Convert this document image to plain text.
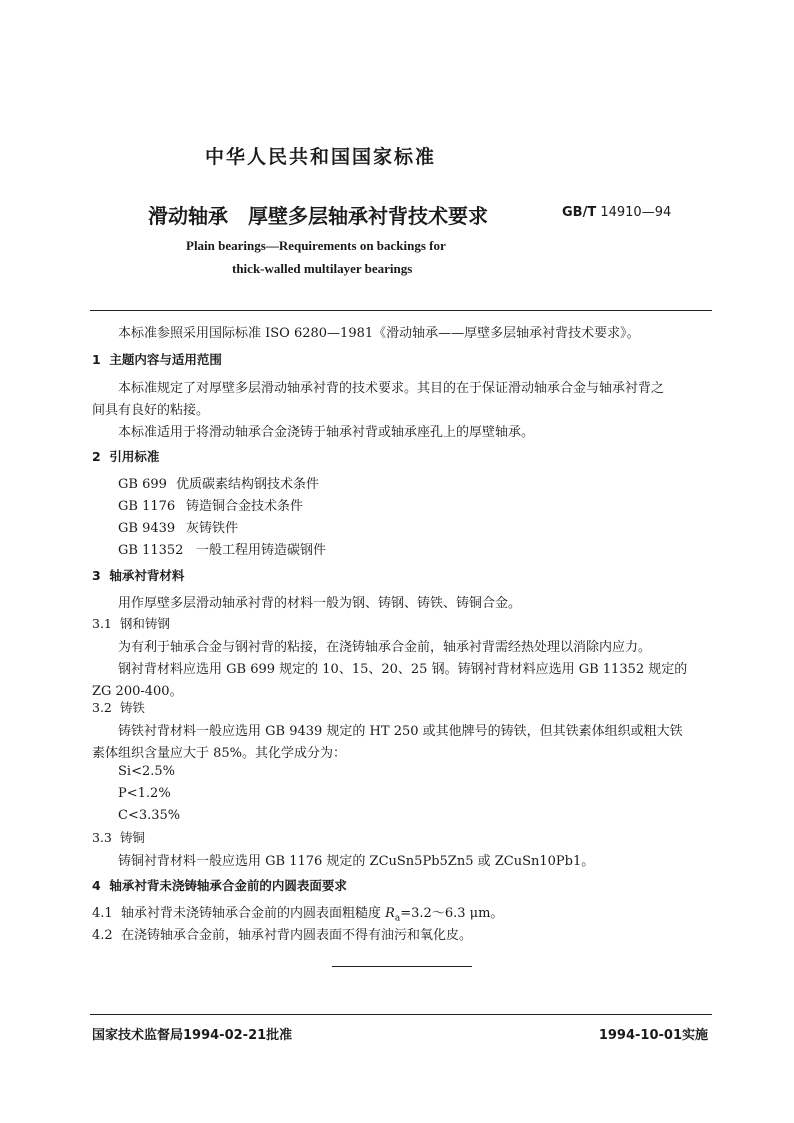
中华人民共和国国家标准
滑动轴承　厚壁多层轴承衬背技术要求	GB/T 14910—94
Plain bearings—Requirements on backings for
thick-walled multilayer bearings
本标准参照采用国际标准 ISO 6280—1981《滑动轴承——厚壁多层轴承衬背技术要求》。
1 主题内容与适用范围
本标准规定了对厚壁多层滑动轴承衬背的技术要求。其目的在于保证滑动轴承合金与轴承衬背之
间具有良好的粘接。
本标准适用于将滑动轴承合金浇铸于轴承衬背或轴承座孔上的厚壁轴承。
2 引用标准
GB 699 优质碳素结构钢技术条件
GB 1176 铸造铜合金技术条件
GB 9439 灰铸铁件
GB 11352 一般工程用铸造碳钢件
3 轴承衬背材料
用作厚壁多层滑动轴承衬背的材料一般为钢、铸钢、铸铁、铸铜合金。
3.1 钢和铸钢
为有利于轴承合金与钢衬背的粘接，在浇铸轴承合金前，轴承衬背需经热处理以消除内应力。
钢衬背材料应选用 GB 699 规定的 10、15、20、25 钢。铸钢衬背材料应选用 GB 11352 规定的
ZG 200-400。
3.2 铸铁
铸铁衬背材料一般应选用 GB 9439 规定的 HT 250 或其他牌号的铸铁，但其铁素体组织或粗大铁
素体组织含量应大于 85%。其化学成分为：
Si<2.5%
P<1.2%
C<3.35%
3.3 铸铜
铸铜衬背材料一般应选用 GB 1176 规定的 ZCuSn5Pb5Zn5 或 ZCuSn10Pb1。
4 轴承衬背未浇铸轴承合金前的内圆表面要求
4.1 轴承衬背未浇铸轴承合金前的内圆表面粗糙度 $R_a=3.2\sim 6.3$ μm。
4.2 在浇铸轴承合金前，轴承衬背内圆表面不得有油污和氧化皮。
国家技术监督局1994-02-21批准	1994-10-01实施
